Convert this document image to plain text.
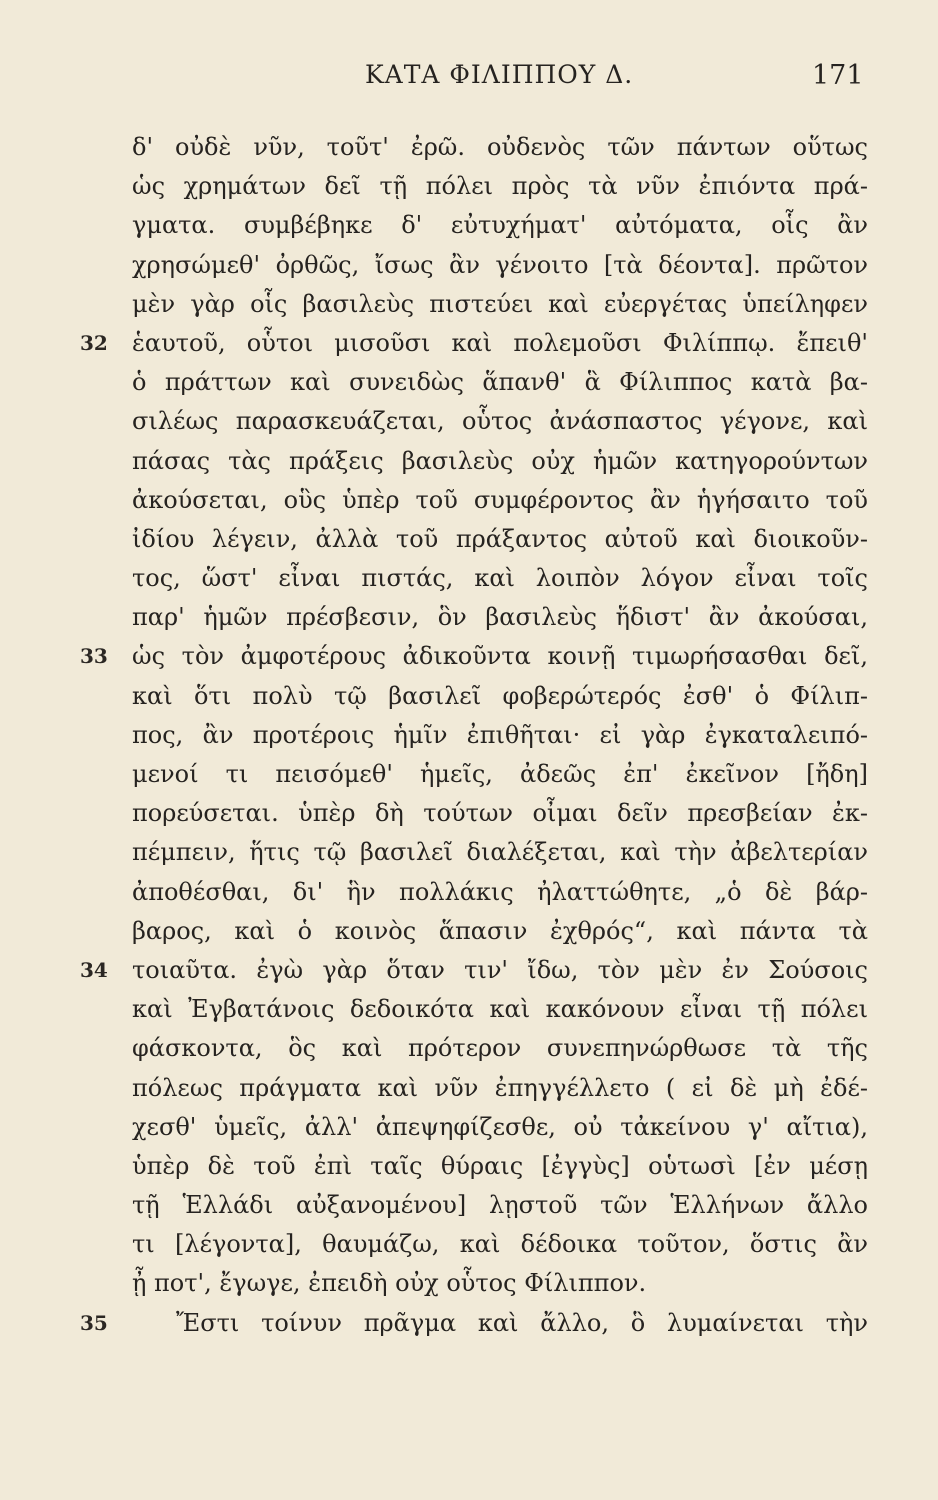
ΚΑΤΑ ΦΙΛΙΠΠΟΥ Δ.	171
δ' οὐδὲ νῦν, τοῦτ' ἐρῶ. οὐδενὸς τῶν πάντων οὕτως
ὡς χρημάτων δεῖ τῇ πόλει πρὸς τὰ νῦν ἐπιόντα πρά-
γματα. συμβέβηκε δ' εὐτυχήματ' αὐτόματα, οἷς ἂν
χρησώμεθ' ὀρθῶς, ἴσως ἂν γένοιτο [τὰ δέοντα]. πρῶτον
μὲν γὰρ οἷς βασιλεὺς πιστεύει καὶ εὐεργέτας ὑπείληφεν
32 ἑαυτοῦ, οὗτοι μισοῦσι καὶ πολεμοῦσι Φιλίππῳ. ἔπειθ'
ὁ πράττων καὶ συνειδὼς ἅπανθ' ἃ Φίλιππος κατὰ βα-
σιλέως παρασκευάζεται, οὗτος ἀνάσπαστος γέγονε, καὶ
πάσας τὰς πράξεις βασιλεὺς οὐχ ἡμῶν κατηγορούντων
ἀκούσεται, οὓς ὑπὲρ τοῦ συμφέροντος ἂν ἡγήσαιτο τοῦ
ἰδίου λέγειν, ἀλλὰ τοῦ πράξαντος αὐτοῦ καὶ διοικοῦν-
τος, ὥστ' εἶναι πιστάς, καὶ λοιπὸν λόγον εἶναι τοῖς
παρ' ἡμῶν πρέσβεσιν, ὃν βασιλεὺς ἥδιστ' ἂν ἀκούσαι,
33 ὡς τὸν ἀμφοτέρους ἀδικοῦντα κοινῇ τιμωρήσασθαι δεῖ,
καὶ ὅτι πολὺ τῷ βασιλεῖ φοβερώτερός ἐσθ' ὁ Φίλιπ-
πος, ἂν προτέροις ἡμῖν ἐπιθῆται· εἰ γὰρ ἐγκαταλειπό-
μενοί τι πεισόμεθ' ἡμεῖς, ἀδεῶς ἐπ' ἐκεῖνον [ἤδη]
πορεύσεται. ὑπὲρ δὴ τούτων οἶμαι δεῖν πρεσβείαν ἐκ-
πέμπειν, ἥτις τῷ βασιλεῖ διαλέξεται, καὶ τὴν ἀβελτερίαν
ἀποθέσθαι, δι' ἣν πολλάκις ἠλαττώθητε, „ὁ δὲ βάρ-
βαρος, καὶ ὁ κοινὸς ἅπασιν ἐχθρός“, καὶ πάντα τὰ
34 τοιαῦτα. ἐγὼ γὰρ ὅταν τιν' ἴδω, τὸν μὲν ἐν Σούσοις
καὶ Ἐγβατάνοις δεδοικότα καὶ κακόνουν εἶναι τῇ πόλει
φάσκοντα, ὃς καὶ πρότερον συνεπηνώρθωσε τὰ τῆς
πόλεως πράγματα καὶ νῦν ἐπηγγέλλετο ( εἰ δὲ μὴ ἐδέ-
χεσθ' ὑμεῖς, ἀλλ' ἀπεψηφίζεσθε, οὐ τἀκείνου γ' αἴτια),
ὑπὲρ δὲ τοῦ ἐπὶ ταῖς θύραις [ἐγγὺς] οὑτωσὶ [ἐν μέσῃ
τῇ Ἑλλάδι αὐξανομένου] λῃστοῦ τῶν Ἑλλήνων ἄλλο
τι [λέγοντα], θαυμάζω, καὶ δέδοικα τοῦτον, ὅστις ἂν
ᾖ ποτ', ἔγωγε, ἐπειδὴ οὐχ οὗτος Φίλιππον.
35	Ἔστι τοίνυν πρᾶγμα καὶ ἄλλο, ὃ λυμαίνεται τὴν
